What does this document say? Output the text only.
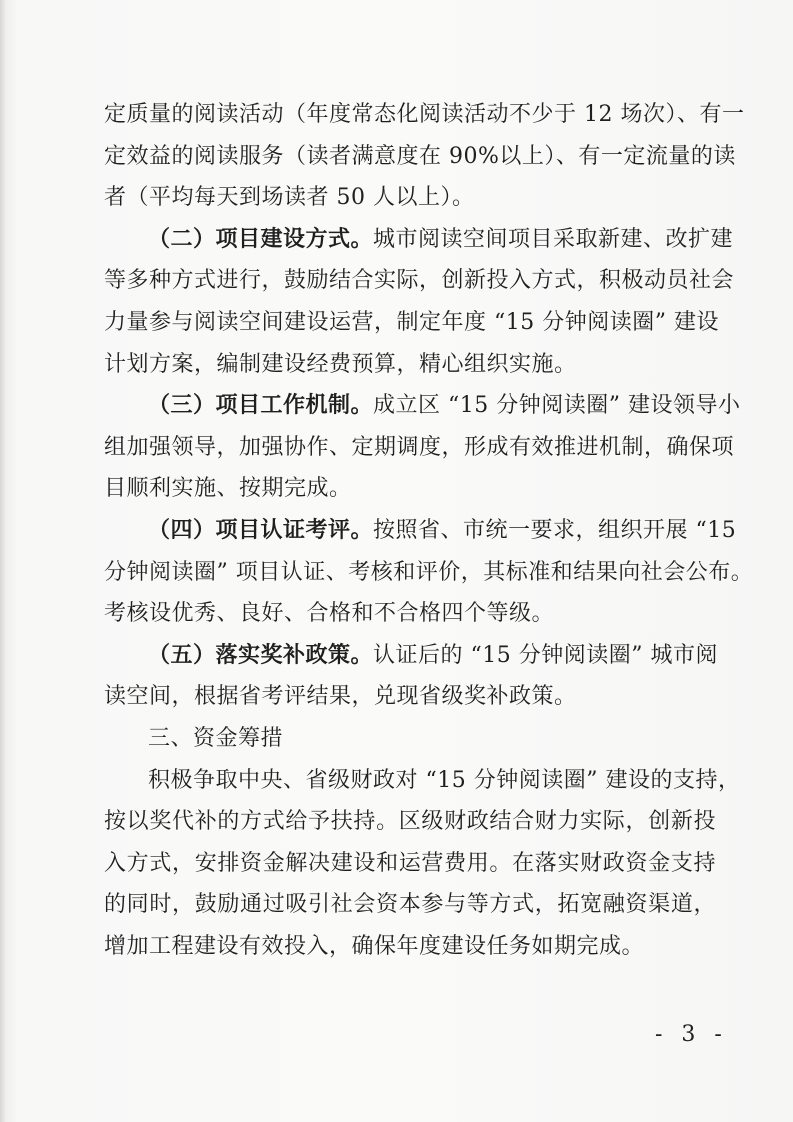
定质量的阅读活动（年度常态化阅读活动不少于 12 场次）、有一
定效益的阅读服务（读者满意度在 90%以上）、有一定流量的读
者（平均每天到场读者 50 人以上）。
（二）项目建设方式。城市阅读空间项目采取新建、改扩建
等多种方式进行，鼓励结合实际，创新投入方式，积极动员社会
力量参与阅读空间建设运营，制定年度 “15 分钟阅读圈” 建设
计划方案，编制建设经费预算，精心组织实施。
（三）项目工作机制。成立区 “15 分钟阅读圈” 建设领导小
组加强领导，加强协作、定期调度，形成有效推进机制，确保项
目顺利实施、按期完成。
（四）项目认证考评。按照省、市统一要求，组织开展 “15
分钟阅读圈” 项目认证、考核和评价，其标准和结果向社会公布。
考核设优秀、良好、合格和不合格四个等级。
（五）落实奖补政策。认证后的 “15 分钟阅读圈” 城市阅
读空间，根据省考评结果，兑现省级奖补政策。
三、资金筹措
积极争取中央、省级财政对 “15 分钟阅读圈” 建设的支持，
按以奖代补的方式给予扶持。区级财政结合财力实际，创新投
入方式，安排资金解决建设和运营费用。在落实财政资金支持
的同时，鼓励通过吸引社会资本参与等方式，拓宽融资渠道，
增加工程建设有效投入，确保年度建设任务如期完成。
- 3 -
